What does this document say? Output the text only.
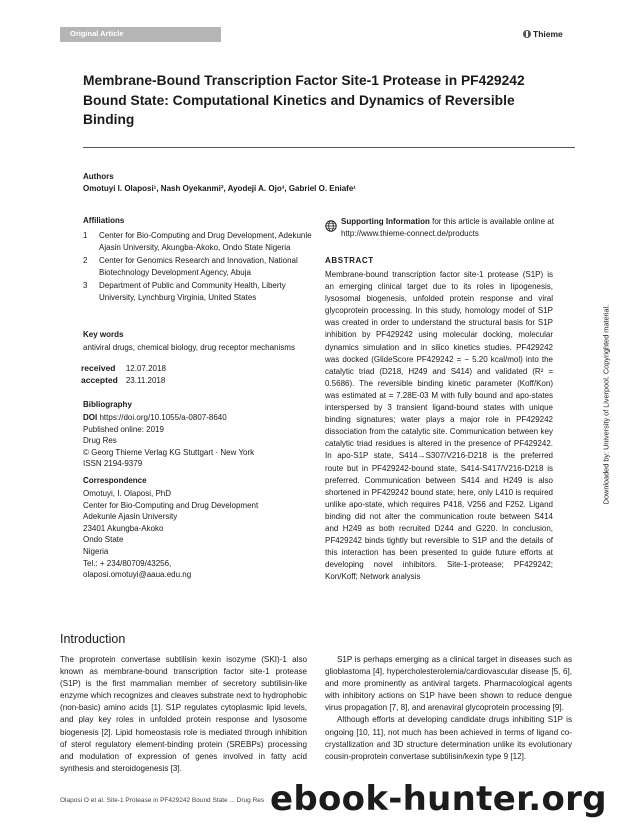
Original Article	Thieme
Membrane-Bound Transcription Factor Site-1 Protease in PF429242 Bound State: Computational Kinetics and Dynamics of Reversible Binding
Authors
Omotuyi I. Olaposi¹, Nash Oyekanmi², Ayodeji A. Ojo³, Gabriel O. Eniafe¹
Affiliations
1	Center for Bio-Computing and Drug Development, Adekunle Ajasin University, Akungba-Akoko, Ondo State Nigeria
2	Center for Genomics Research and Innovation, National Biotechnology Development Agency, Abuja
3	Department of Public and Community Health, Liberty University, Lynchburg Virginia, United States
Key words
antiviral drugs, chemical biology, drug receptor mechanisms
received	12.07.2018
accepted	23.11.2018
Bibliography
DOI https://doi.org/10.1055/a-0807-8640
Published online: 2019
Drug Res
© Georg Thieme Verlag KG Stuttgart · New York
ISSN 2194-9379
Correspondence
Omotuyi, I. Olaposi, PhD
Center for Bio-Computing and Drug Development
Adekunle Ajasin University
23401 Akungba-Akoko
Ondo State
Nigeria
Tel.: + 234/80709/43256,
olaposi.omotuyi@aaua.edu.ng
Supporting Information for this article is available online at http://www.thieme-connect.de/products
ABSTRACT
Membrane-bound transcription factor site-1 protease (S1P) is an emerging clinical target due to its roles in lipogenesis, lysosomal biogenesis, unfolded protein response and viral glycoprotein processing. In this study, homology model of S1P was created in order to understand the structural basis for S1P inhibition by PF429242 using molecular docking, molecular dynamics simulation and in silico kinetics studies. PF429242 was docked (GlideScore PF429242 = − 5.20 kcal/mol) into the catalytic triad (D218, H249 and S414) and validated (R² = 0.5686). The reversible binding kinetic parameter (Koff/Kon) was estimated at = 7.28E-03 M with fully bound and apo-states interspersed by 3 transient ligand-bound states with unique binding signatures; water plays a major role in PF429242 dissociation from the catalytic site. Communication between key catalytic triad residues is altered in the presence of PF429242. In apo-S1P state, S414→S307/V216-D218 is the preferred route but in PF429242-bound state, S414-S417/V216-D218 is preferred. Communication between S414 and H249 is also shortened in PF429242 bound state; here, only L410 is required unlike apo-state, which requires P418, V256 and F252. Ligand binding did not alter the communication route between S414 and H249 as both recruited D244 and G220. In conclusion, PF429242 binds tightly but reversible to S1P and the details of this interaction has been presented to guide future efforts at developing novel inhibitors. Site-1-protease; PF429242; Kon/Koff; Network analysis
Introduction

The proprotein convertase subtilisin kexin isozyme (SKI)-1 also known as membrane-bound transcription factor site-1 protease (S1P) is the first mammalian member of secretory subtilisin-like enzyme which recognizes and cleaves substrate next to hydrophobic (non-basic) amino acids [1]. S1P regulates cytoplasmic lipid levels, and play key roles in unfolded protein response and lysosome biogenesis [2]. Lipid homeostasis role is mediated through inhibition of sterol regulatory element-binding protein (SREBPs) processing and modulation of expression of genes involved in fatty acid synthesis and steroidogenesis [3].

S1P is perhaps emerging as a clinical target in diseases such as glioblastoma [4], hypercholesterolemia/cardiovascular disease [5, 6], and more prominently as antiviral targets. Pharmacological agents with inhibitory actions on S1P have been shown to reduce dengue virus propagation [7, 8], and arenaviral glycoprotein processing [9].

Although efforts at developing candidate drugs inhibiting S1P is ongoing [10, 11], not much has been achieved in terms of ligand co-crystallization and 3D structure determination unlike its evolutionary cousin-proprotein convertase subtilisin/kexin type 9 [12].

Olaposi O et al. Site-1 Protease in PF429242 Bound State ... Drug Res
Downloaded by: University of Liverpool. Copyrighted material.
ebook-hunter.org
